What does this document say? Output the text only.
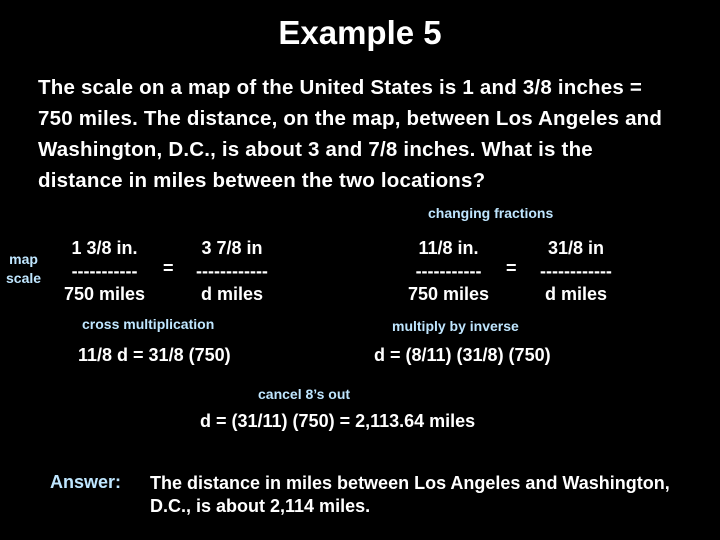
Example 5
The scale on a map of the United States is 1 and 3/8 inches = 750 miles. The distance, on the map, between Los Angeles and Washington, D.C., is about 3 and 7/8 inches. What is the distance in miles between the two locations?
changing fractions
map
scale
1 3/8 in.
-----------
750 miles
=
3 7/8 in
------------
d miles
11/8 in.
-----------
750 miles
=
31/8 in
------------
d miles
cross multiplication	multiply by inverse
11/8 d = 31/8 (750)	d = (8/11) (31/8) (750)
cancel 8’s out
d = (31/11) (750) = 2,113.64 miles
Answer: The distance in miles between Los Angeles and Washington, D.C., is about 2,114 miles.
